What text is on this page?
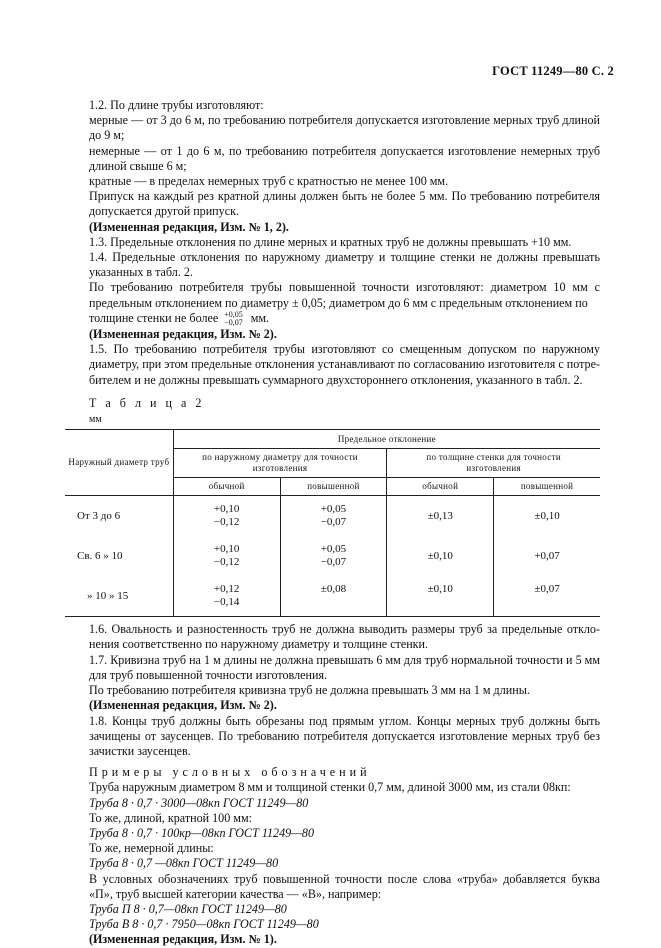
ГОСТ 11249—80 С. 2

1.2. По длине трубы изготовляют:

мерные — от 3 до 6 м, по требованию потребителя допускается изготовление мерных труб длиной до 9 м;

немерные — от 1 до 6 м, по требованию потребителя допускается изготовление немерных труб длиной свыше 6 м;

кратные — в пределах немерных труб с кратностью не менее 100 мм.

Припуск на каждый рез кратной длины должен быть не более 5 мм. По требованию потребителя допускается другой припуск.

(Измененная редакция, Изм. № 1, 2).

1.3. Предельные отклонения по длине мерных и кратных труб не должны превышать +10 мм.

1.4. Предельные отклонения по наружному диаметру и толщине стенки не должны превышать указанных в табл. 2.

По требованию потребителя трубы повышенной точности изготовляют: диаметром 10 мм с предельным отклонением по диаметру ± 0,05; диаметром до 6 мм с предельным отклонением по

толщине стенки не более +0,05
−0,07 мм.

(Измененная редакция, Изм. № 2).

1.5. По требованию потребителя трубы изготовляют со смещенным допуском по наружному диаметру, при этом предельные отклонения устанавливают по согласованию изготовителя с потребителем и не должны превышать суммарного двухстороннего отклонения, указанного в табл. 2.

Т а б л и ц а 2

мм

Наружный диаметр труб	Предельное отклонение			
	по наружному диаметру для точности изготовления		по толщине стенки для точности изготовления	
	обычной	повышенной	обычной	повышенной
От 3 до 6	+0,10
−0,12	+0,05
−0,07	±0,13	±0,10
Св. 6 » 10	+0,10
−0,12	+0,05
−0,07	±0,10	+0,07
» 10 » 15	+0,12
−0,14	±0,08	±0,10	±0,07

1.6. Овальность и разностенность труб не должна выводить размеры труб за предельные отклонения соответственно по наружному диаметру и толщине стенки.

1.7. Кривизна труб на 1 м длины не должна превышать 6 мм для труб нормальной точности и 5 мм для труб повышенной точности изготовления.

По требованию потребителя кривизна труб не должна превышать 3 мм на 1 м длины.

(Измененная редакция, Изм. № 2).

1.8. Концы труб должны быть обрезаны под прямым углом. Концы мерных труб должны быть зачищены от заусенцев. По требованию потребителя допускается изготовление мерных труб без зачистки заусенцев.

Примеры условных обозначений

Труба наружным диаметром 8 мм и толщиной стенки 0,7 мм, длиной 3000 мм, из стали 08кп:

Труба 8 · 0,7 · 3000—08кп ГОСТ 11249—80

То же, длиной, кратной 100 мм:

Труба 8 · 0,7 · 100кр—08кп ГОСТ 11249—80

То же, немерной длины:

Труба 8 · 0,7 —08кп ГОСТ 11249—80

В условных обозначениях труб повышенной точности после слова «труба» добавляется буква «П», труб высшей категории качества — «В», например:

Труба П 8 · 0,7—08кп ГОСТ 11249—80

Труба В 8 · 0,7 · 7950—08кп ГОСТ 11249—80

(Измененная редакция, Изм. № 1).
